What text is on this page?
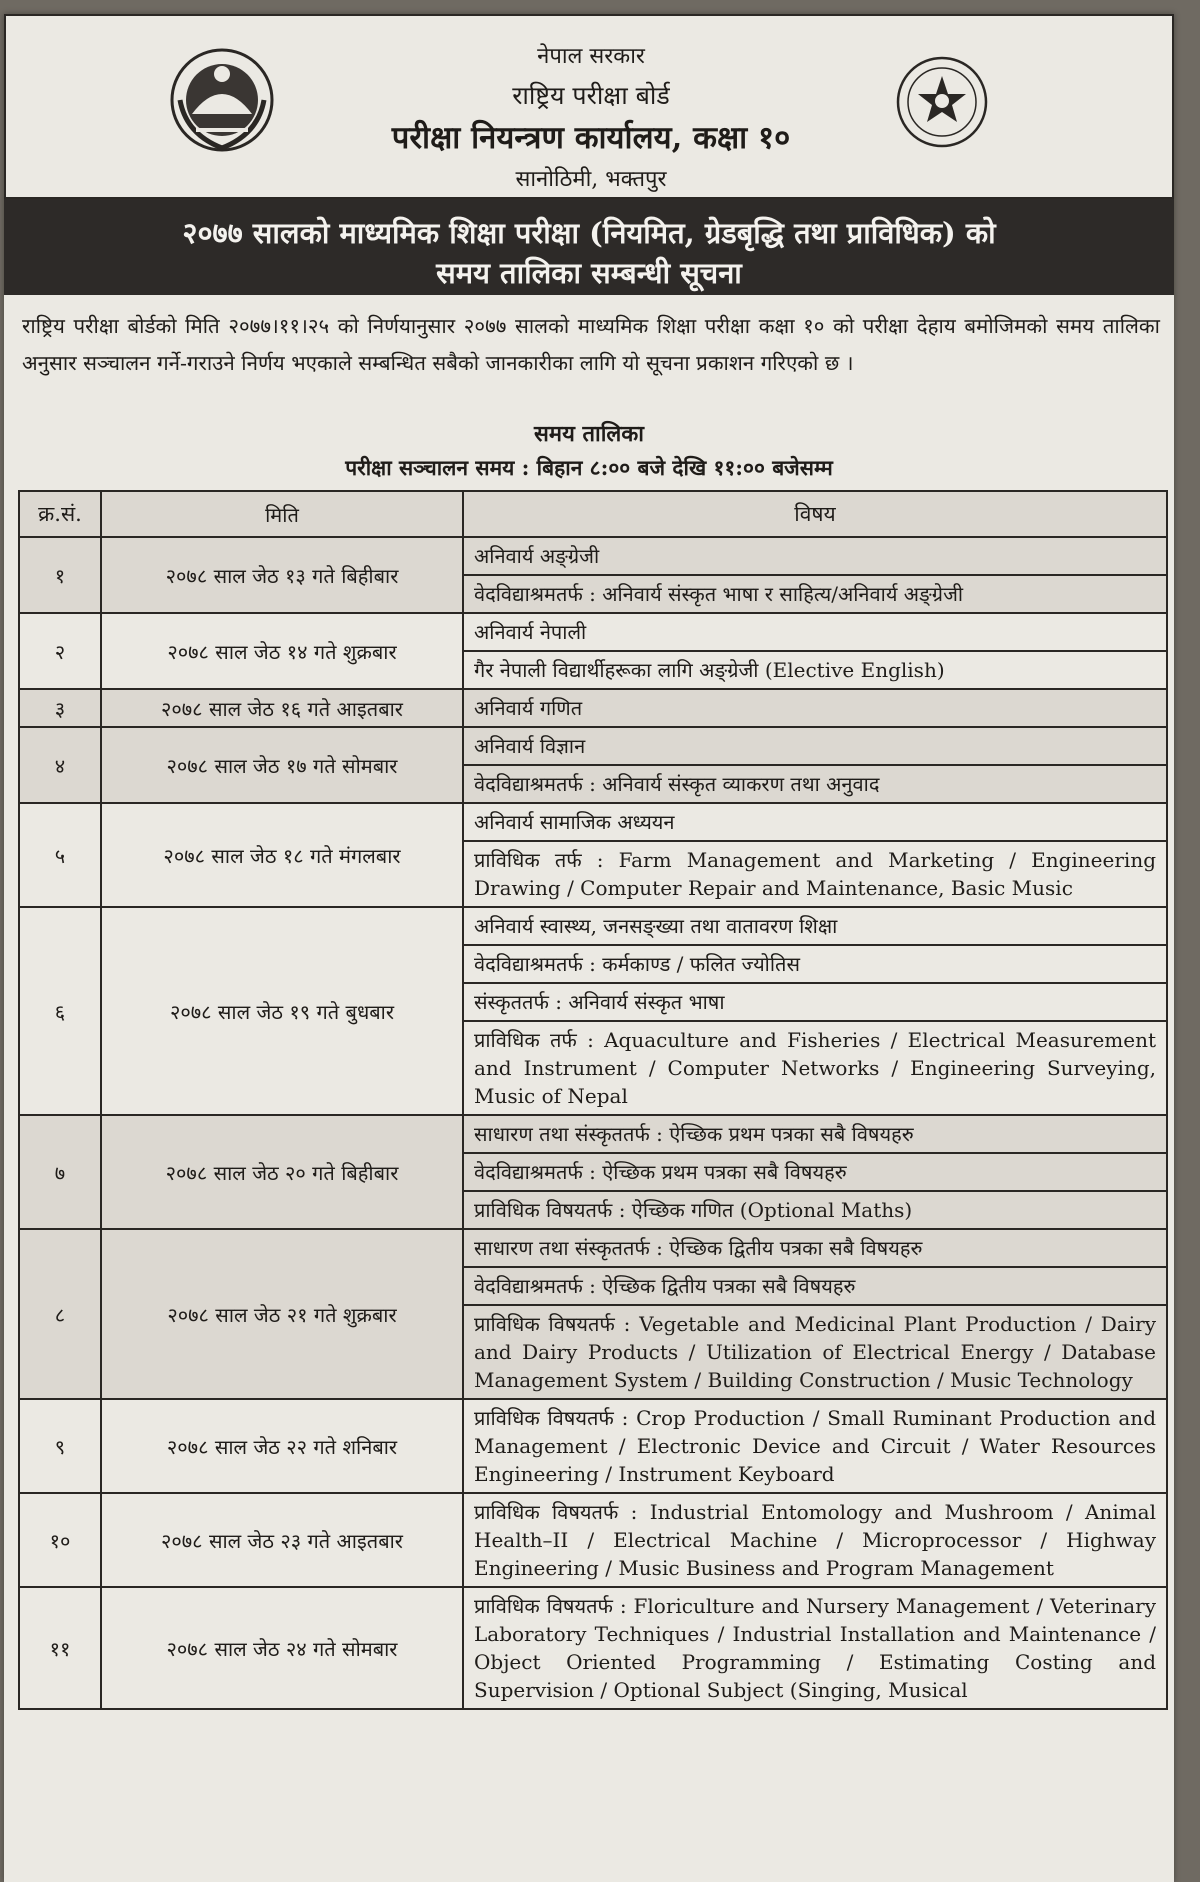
नेपाल सरकार
राष्ट्रिय परीक्षा बोर्ड
परीक्षा नियन्त्रण कार्यालय, कक्षा १०
सानोठिमी, भक्तपुर
२०७७ सालको माध्यमिक शिक्षा परीक्षा (नियमित, ग्रेडबृद्धि तथा प्राविधिक) को
समय तालिका सम्बन्धी सूचना
राष्ट्रिय परीक्षा बोर्डको मिति २०७७।११।२५ को निर्णयानुसार २०७७ सालको माध्यमिक शिक्षा परीक्षा कक्षा १० को परीक्षा देहाय बमोजिमको समय तालिका अनुसार सञ्चालन गर्ने-गराउने निर्णय भएकाले सम्बन्धित सबैको जानकारीका लागि यो सूचना प्रकाशन गरिएको छ ।
समय तालिका
परीक्षा सञ्चालन समय : बिहान ८:०० बजे देखि ११:०० बजेसम्म
क्र.सं.	मिति	विषय
१	२०७८ साल जेठ १३ गते बिहीबार	अनिवार्य अङ्ग्रेजी
		वेदविद्याश्रमतर्फ : अनिवार्य संस्कृत भाषा र साहित्य/अनिवार्य अङ्ग्रेजी
२	२०७८ साल जेठ १४ गते शुक्रबार	अनिवार्य नेपाली
		गैर नेपाली विद्यार्थीहरूका लागि अङ्ग्रेजी (Elective English)
३	२०७८ साल जेठ १६ गते आइतबार	अनिवार्य गणित
४	२०७८ साल जेठ १७ गते सोमबार	अनिवार्य विज्ञान
		वेदविद्याश्रमतर्फ : अनिवार्य संस्कृत व्याकरण तथा अनुवाद
५	२०७८ साल जेठ १८ गते मंगलबार	अनिवार्य सामाजिक अध्ययन
		प्राविधिक तर्फ : Farm Management and Marketing / Engineering Drawing / Computer Repair and Maintenance, Basic Music
६	२०७८ साल जेठ १९ गते बुधबार	अनिवार्य स्वास्थ्य, जनसङ्ख्या तथा वातावरण शिक्षा
		वेदविद्याश्रमतर्फ : कर्मकाण्ड / फलित ज्योतिस
		संस्कृततर्फ : अनिवार्य संस्कृत भाषा
		प्राविधिक तर्फ : Aquaculture and Fisheries / Electrical Measurement and Instrument / Computer Networks / Engineering Surveying, Music of Nepal
७	२०७८ साल जेठ २० गते बिहीबार	साधारण तथा संस्कृततर्फ : ऐच्छिक प्रथम पत्रका सबै विषयहरु
		वेदविद्याश्रमतर्फ : ऐच्छिक प्रथम पत्रका सबै विषयहरु
		प्राविधिक विषयतर्फ : ऐच्छिक गणित (Optional Maths)
८	२०७८ साल जेठ २१ गते शुक्रबार	साधारण तथा संस्कृततर्फ : ऐच्छिक द्वितीय पत्रका सबै विषयहरु
		वेदविद्याश्रमतर्फ : ऐच्छिक द्वितीय पत्रका सबै विषयहरु
		प्राविधिक विषयतर्फ : Vegetable and Medicinal Plant Production / Dairy and Dairy Products / Utilization of Electrical Energy / Database Management System / Building Construction / Music Technology
९	२०७८ साल जेठ २२ गते शनिबार	प्राविधिक विषयतर्फ : Crop Production / Small Ruminant Production and Management / Electronic Device and Circuit / Water Resources Engineering / Instrument Keyboard
१०	२०७८ साल जेठ २३ गते आइतबार	प्राविधिक विषयतर्फ : Industrial Entomology and Mushroom / Animal Health–II / Electrical Machine / Microprocessor / Highway Engineering / Music Business and Program Management
११	२०७८ साल जेठ २४ गते सोमबार	प्राविधिक विषयतर्फ : Floriculture and Nursery Management / Veterinary Laboratory Techniques / Industrial Installation and Maintenance / Object Oriented Programming / Estimating Costing and Supervision / Optional Subject (Singing, Musical
